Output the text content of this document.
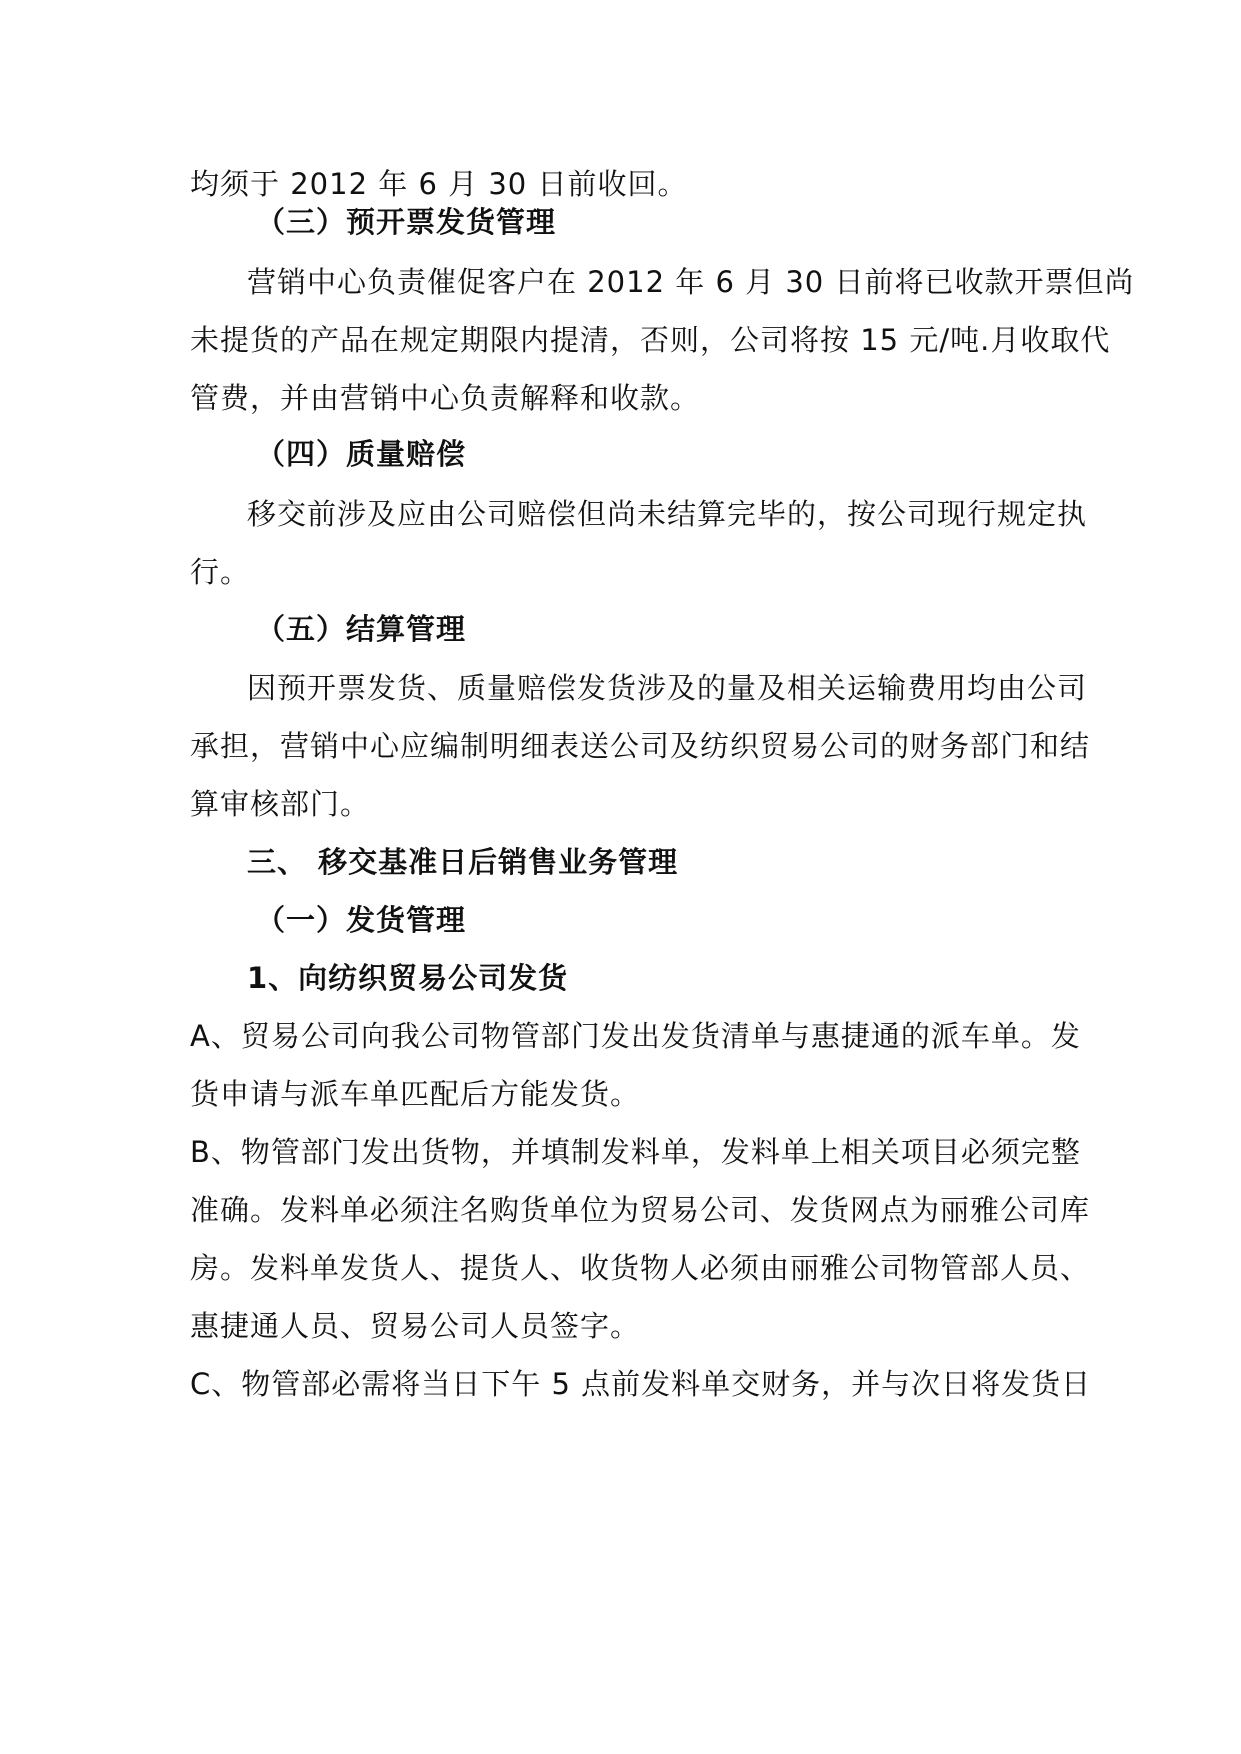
均须于 2012 年 6 月 30 日前收回。
（三）预开票发货管理
营销中心负责催促客户在 2012 年 6 月 30 日前将已收款开票但尚
未提货的产品在规定期限内提清，否则，公司将按 15 元/吨.月收取代
管费，并由营销中心负责解释和收款。
（四）质量赔偿
移交前涉及应由公司赔偿但尚未结算完毕的，按公司现行规定执
行。
（五）结算管理
因预开票发货、质量赔偿发货涉及的量及相关运输费用均由公司
承担，营销中心应编制明细表送公司及纺织贸易公司的财务部门和结
算审核部门。
三、 移交基准日后销售业务管理
（一）发货管理
1、向纺织贸易公司发货
A、贸易公司向我公司物管部门发出发货清单与惠捷通的派车单。发
货申请与派车单匹配后方能发货。
B、物管部门发出货物，并填制发料单，发料单上相关项目必须完整
准确。发料单必须注名购货单位为贸易公司、发货网点为丽雅公司库
房。发料单发货人、提货人、收货物人必须由丽雅公司物管部人员、
惠捷通人员、贸易公司人员签字。
C、物管部必需将当日下午 5 点前发料单交财务，并与次日将发货日
